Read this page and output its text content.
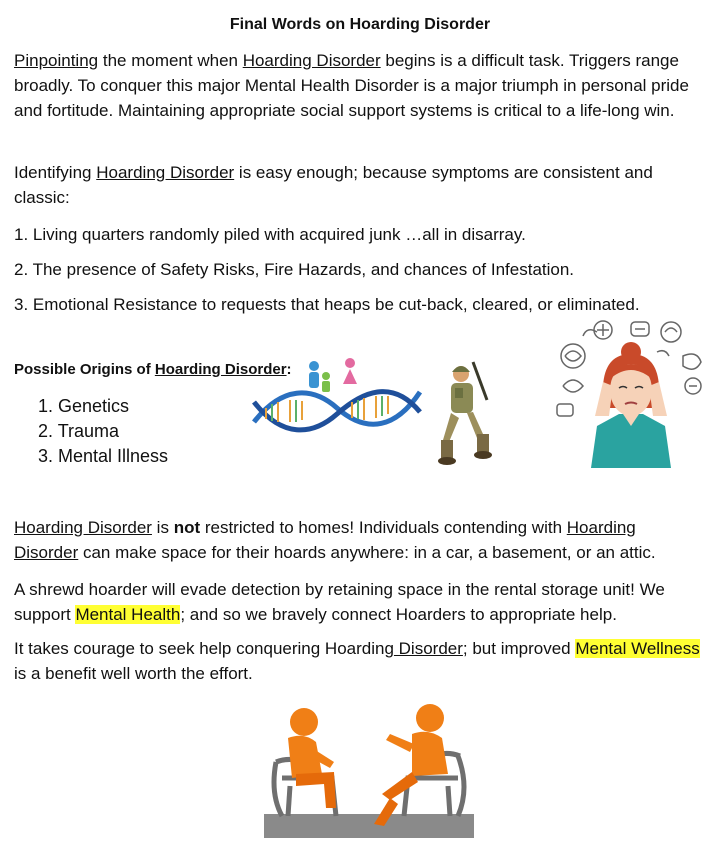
Final Words on Hoarding Disorder

Pinpointing the moment when Hoarding Disorder begins is a difficult task. Triggers range broadly. To conquer this major Mental Health Disorder is a major triumph in personal pride and fortitude. Maintaining appropriate social support systems is critical to a life-long win.

Identifying Hoarding Disorder is easy enough; because symptoms are consistent and classic:

1. Living quarters randomly piled with acquired junk …all in disarray.
2. The presence of Safety Risks, Fire Hazards, and chances of Infestation.
3. Emotional Resistance to requests that heaps be cut-back, cleared, or eliminated.
Possible Origins of Hoarding Disorder:
1. Genetics
2. Trauma
3. Mental Illness

Hoarding Disorder is not restricted to homes! Individuals contending with Hoarding Disorder can make space for their hoards anywhere: in a car, a basement, or an attic.

A shrewd hoarder will evade detection by retaining space in the rental storage unit! We support Mental Health; and so we bravely connect Hoarders to appropriate help.

It takes courage to seek help conquering Hoarding Disorder; but improved Mental Wellness is a benefit well worth the effort.
